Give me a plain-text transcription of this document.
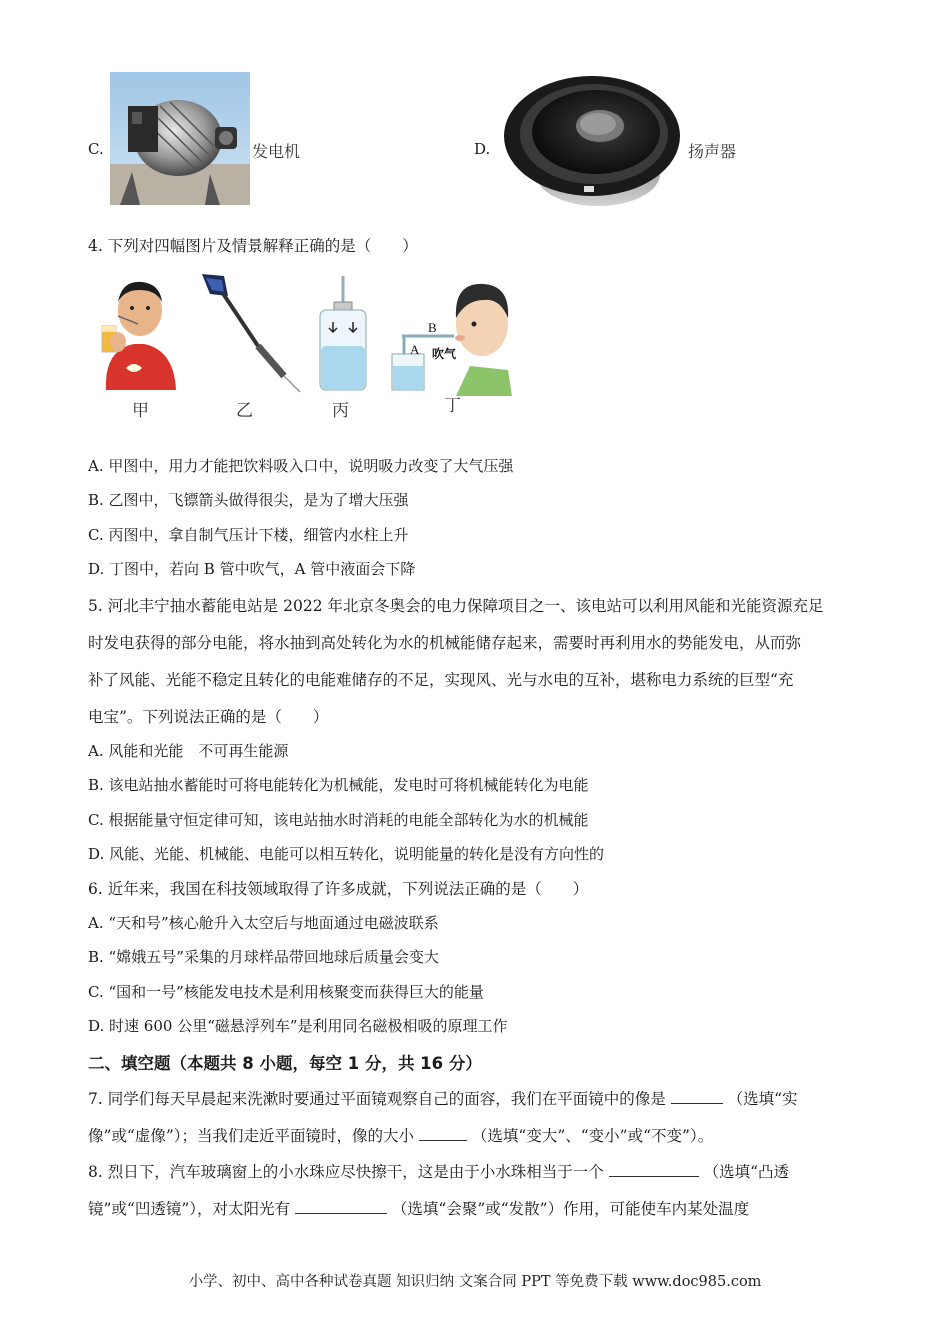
C.	发电机	D.	扬声器
4. 下列对四幅图片及情景解释正确的是（　　）
B
A 吹气
甲	乙	丙	丁
A. 甲图中，用力才能把饮料吸入口中，说明吸力改变了大气压强
B. 乙图中，飞镖箭头做得很尖，是为了增大压强
C. 丙图中，拿自制气压计下楼，细管内水柱上升
D. 丁图中，若向 B 管中吹气，A 管中液面会下降
5. 河北丰宁抽水蓄能电站是 2022 年北京冬奥会的电力保障项目之一、该电站可以利用风能和光能资源充足
时发电获得的部分电能，将水抽到高处转化为水的机械能储存起来，需要时再利用水的势能发电，从而弥
补了风能、光能不稳定且转化的电能难储存的不足，实现风、光与水电的互补，堪称电力系统的巨型“充
电宝”。下列说法正确的是（　　）
A. 风能和光能　不可再生能源
B. 该电站抽水蓄能时可将电能转化为机械能，发电时可将机械能转化为电能
C. 根据能量守恒定律可知，该电站抽水时消耗的电能全部转化为水的机械能
D. 风能、光能、机械能、电能可以相互转化，说明能量的转化是没有方向性的
6. 近年来，我国在科技领域取得了许多成就，下列说法正确的是（　　）
A. “天和号”核心舱升入太空后与地面通过电磁波联系
B. “嫦娥五号”采集的月球样品带回地球后质量会变大
C. “国和一号”核能发电技术是利用核聚变而获得巨大的能量
D. 时速 600 公里“磁悬浮列车”是利用同名磁极相吸的原理工作
二、填空题（本题共 8 小题，每空 1 分，共 16 分）
7. 同学们每天早晨起来洗漱时要通过平面镜观察自己的面容，我们在平面镜中的像是	（选填“实
像”或“虚像”）；当我们走近平面镜时，像的大小	（选填“变大”、“变小”或“不变”）。
8. 烈日下，汽车玻璃窗上的小水珠应尽快擦干，这是由于小水珠相当于一个	（选填“凸透
镜”或“凹透镜”），对太阳光有	（选填“会聚”或“发散”）作用，可能使车内某处温度
小学、初中、高中各种试卷真题 知识归纳 文案合同 PPT 等免费下载 www.doc985.com
